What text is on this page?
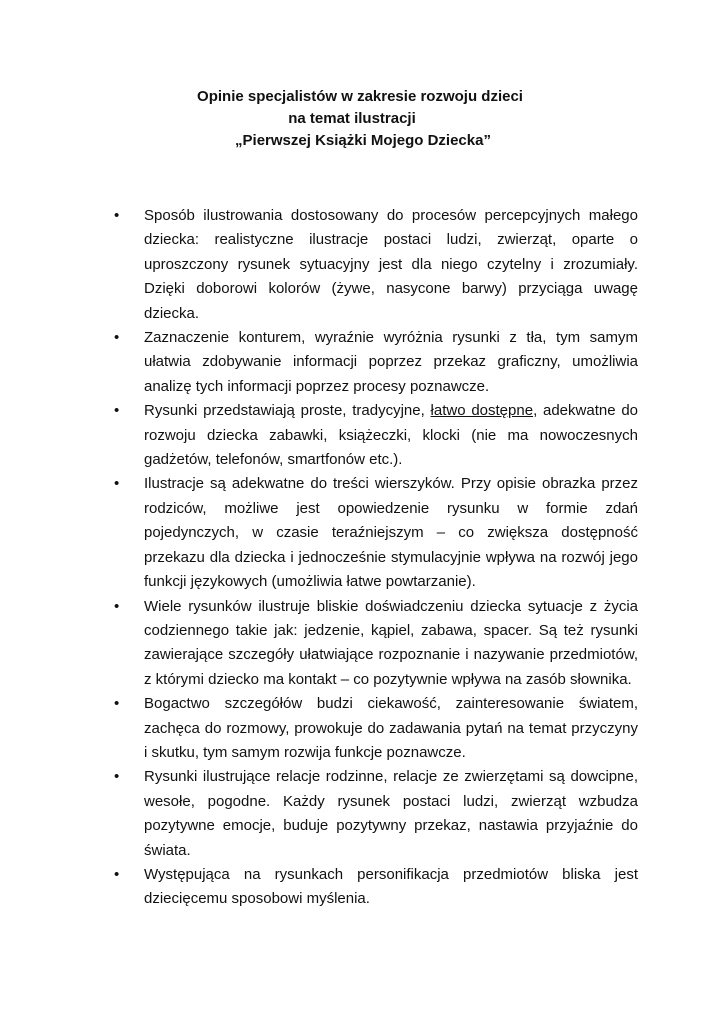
Opinie specjalistów w zakresie rozwoju dzieci
na temat ilustracji
„Pierwszej Książki Mojego Dziecka”
• Sposób ilustrowania dostosowany do procesów percepcyjnych małego dziecka: realistyczne ilustracje postaci ludzi, zwierząt, oparte o uproszczony rysunek sytuacyjny jest dla niego czytelny i zrozumiały. Dzięki doborowi kolorów (żywe, nasycone barwy) przyciąga uwagę dziecka.
• Zaznaczenie konturem, wyraźnie wyróżnia rysunki z tła, tym samym ułatwia zdobywanie informacji poprzez przekaz graficzny, umożliwia analizę tych informacji poprzez procesy poznawcze.
• Rysunki przedstawiają proste, tradycyjne, łatwo dostępne, adekwatne do rozwoju dziecka zabawki, książeczki, klocki (nie ma nowoczesnych gadżetów, telefonów, smartfonów etc.).
• Ilustracje są adekwatne do treści wierszyków. Przy opisie obrazka przez rodziców, możliwe jest opowiedzenie rysunku w formie zdań pojedynczych, w czasie teraźniejszym – co zwiększa dostępność przekazu dla dziecka i jednocześnie stymulacyjnie wpływa na rozwój jego funkcji językowych (umożliwia łatwe powtarzanie).
• Wiele rysunków ilustruje bliskie doświadczeniu dziecka sytuacje z życia codziennego takie jak: jedzenie, kąpiel, zabawa, spacer. Są też rysunki zawierające szczegóły ułatwiające rozpoznanie i nazywanie przedmiotów, z którymi dziecko ma kontakt – co pozytywnie wpływa na zasób słownika.
• Bogactwo szczegółów budzi ciekawość, zainteresowanie światem, zachęca do rozmowy, prowokuje do zadawania pytań na temat przyczyny i skutku, tym samym rozwija funkcje poznawcze.
• Rysunki ilustrujące relacje rodzinne, relacje ze zwierzętami są dowcipne, wesołe, pogodne. Każdy rysunek postaci ludzi, zwierząt wzbudza pozytywne emocje, buduje pozytywny przekaz, nastawia przyjaźnie do świata.
• Występująca na rysunkach personifikacja przedmiotów bliska jest dziecięcemu sposobowi myślenia.
